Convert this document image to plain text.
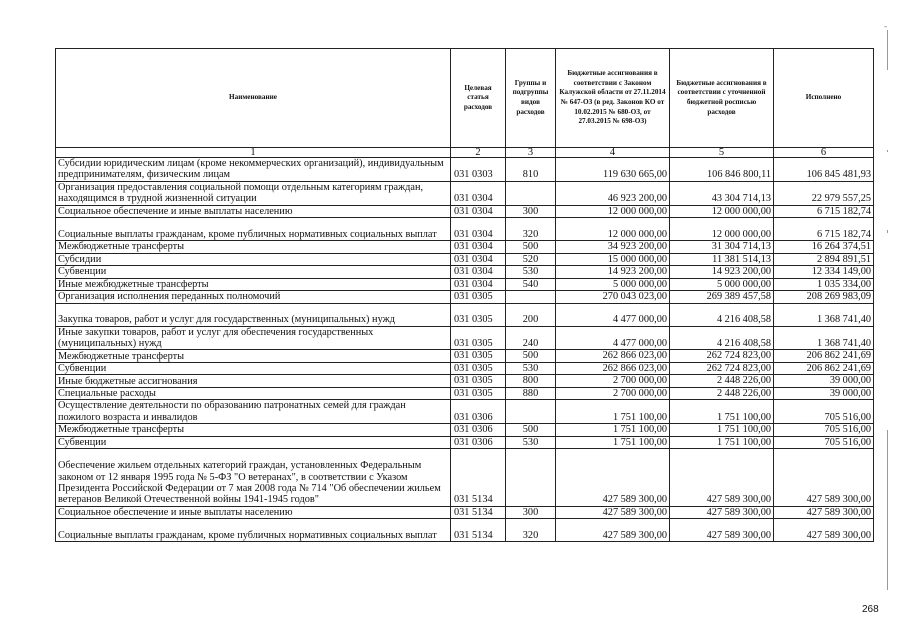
Наименование	Целевая статья расходов	Группы и подгруппы видов расходов	Бюджетные ассигнования в соответствии с Законом Калужской области от 27.11.2014 № 647-ОЗ (в ред. Законов КО от 10.02.2015 № 680-ОЗ, от 27.03.2015 № 698-ОЗ)	Бюджетные ассигнования в соответствии с уточненной бюджетной росписью расходов	Исполнено
1	2	3	4	5	6
Субсидии юридическим лицам (кроме некоммерческих организаций), индивидуальным предпринимателям, физическим лицам	031 0303	810	119 630 665,00	106 846 800,11	106 845 481,93
Организация предоставления социальной помощи отдельным категориям граждан, находящимся в трудной жизненной ситуации	031 0304		46 923 200,00	43 304 714,13	22 979 557,25
Социальное обеспечение и иные выплаты населению	031 0304	300	12 000 000,00	12 000 000,00	6 715 182,74
Социальные выплаты гражданам, кроме публичных нормативных социальных выплат	031 0304	320	12 000 000,00	12 000 000,00	6 715 182,74
Межбюджетные трансферты	031 0304	500	34 923 200,00	31 304 714,13	16 264 374,51
Субсидии	031 0304	520	15 000 000,00	11 381 514,13	2 894 891,51
Субвенции	031 0304	530	14 923 200,00	14 923 200,00	12 334 149,00
Иные межбюджетные трансферты	031 0304	540	5 000 000,00	5 000 000,00	1 035 334,00
Организация исполнения переданных полномочий	031 0305		270 043 023,00	269 389 457,58	208 269 983,09
Закупка товаров, работ и услуг для государственных (муниципальных) нужд	031 0305	200	4 477 000,00	4 216 408,58	1 368 741,40
Иные закупки товаров, работ и услуг для обеспечения государственных (муниципальных) нужд	031 0305	240	4 477 000,00	4 216 408,58	1 368 741,40
Межбюджетные трансферты	031 0305	500	262 866 023,00	262 724 823,00	206 862 241,69
Субвенции	031 0305	530	262 866 023,00	262 724 823,00	206 862 241,69
Иные бюджетные ассигнования	031 0305	800	2 700 000,00	2 448 226,00	39 000,00
Специальные расходы	031 0305	880	2 700 000,00	2 448 226,00	39 000,00
Осуществление деятельности по образованию патронатных семей для граждан пожилого возраста и инвалидов	031 0306		1 751 100,00	1 751 100,00	705 516,00
Межбюджетные трансферты	031 0306	500	1 751 100,00	1 751 100,00	705 516,00
Субвенции	031 0306	530	1 751 100,00	1 751 100,00	705 516,00
Обеспечение жильем отдельных категорий граждан, установленных Федеральным законом от 12 января 1995 года № 5-ФЗ "О ветеранах", в соответствии с Указом Президента Российской Федерации от 7 мая 2008 года № 714 "Об обеспечении жильем ветеранов Великой Отечественной войны 1941-1945 годов"	031 5134		427 589 300,00	427 589 300,00	427 589 300,00
Социальное обеспечение и иные выплаты населению	031 5134	300	427 589 300,00	427 589 300,00	427 589 300,00
Социальные выплаты гражданам, кроме публичных нормативных социальных выплат	031 5134	320	427 589 300,00	427 589 300,00	427 589 300,00
-
268
